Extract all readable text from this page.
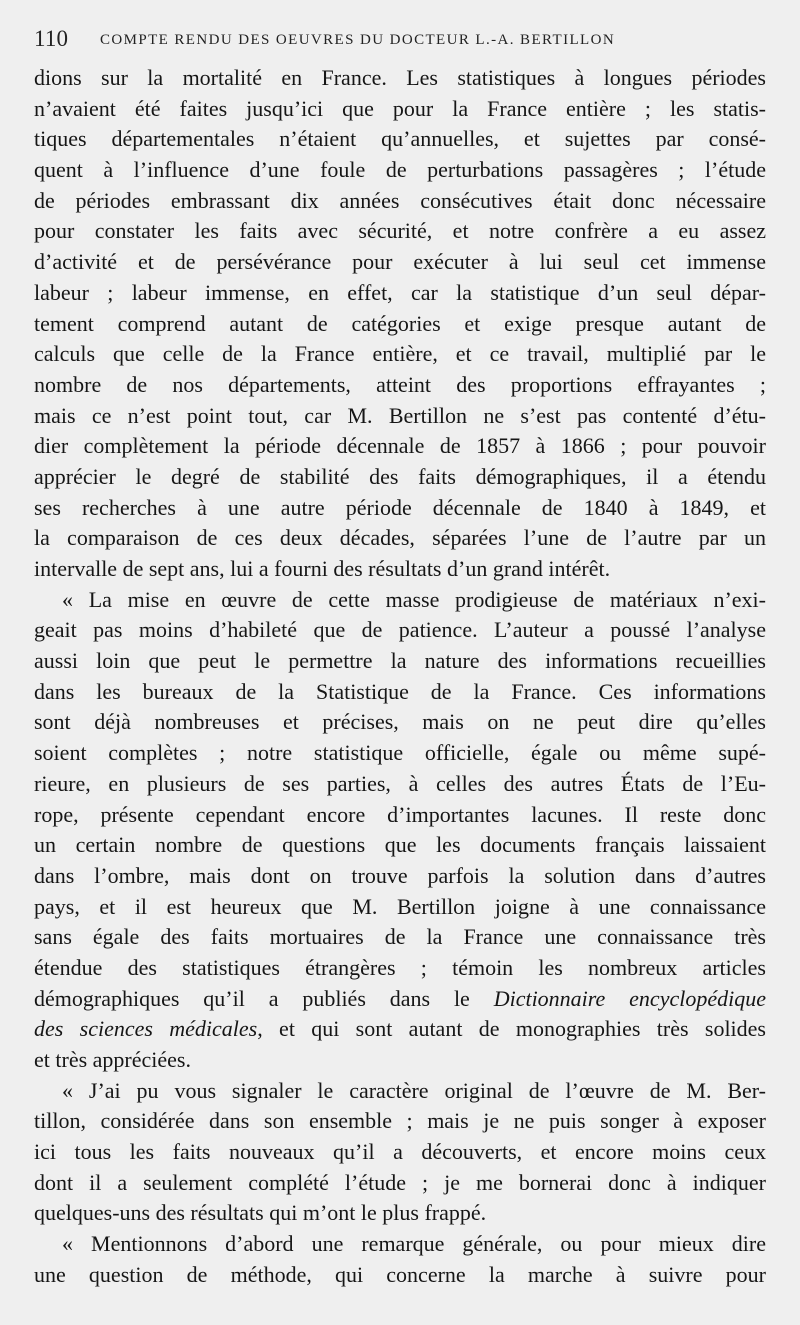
110	COMPTE RENDU DES OEUVRES DU DOCTEUR L.-A. BERTILLON
dions sur la mortalité en France. Les statistiques à longues périodes
n’avaient été faites jusqu’ici que pour la France entière ; les statis-
tiques départementales n’étaient qu’annuelles, et sujettes par consé-
quent à l’influence d’une foule de perturbations passagères ; l’étude
de périodes embrassant dix années consécutives était donc nécessaire
pour constater les faits avec sécurité, et notre confrère a eu assez
d’activité et de persévérance pour exécuter à lui seul cet immense
labeur ; labeur immense, en effet, car la statistique d’un seul dépar-
tement comprend autant de catégories et exige presque autant de
calculs que celle de la France entière, et ce travail, multiplié par le
nombre de nos départements, atteint des proportions effrayantes ;
mais ce n’est point tout, car M. Bertillon ne s’est pas contenté d’étu-
dier complètement la période décennale de 1857 à 1866 ; pour pouvoir
apprécier le degré de stabilité des faits démographiques, il a étendu
ses recherches à une autre période décennale de 1840 à 1849, et
la comparaison de ces deux décades, séparées l’une de l’autre par un
intervalle de sept ans, lui a fourni des résultats d’un grand intérêt.
« La mise en œuvre de cette masse prodigieuse de matériaux n’exi-
geait pas moins d’habileté que de patience. L’auteur a poussé l’analyse
aussi loin que peut le permettre la nature des informations recueillies
dans les bureaux de la Statistique de la France. Ces informations
sont déjà nombreuses et précises, mais on ne peut dire qu’elles
soient complètes ; notre statistique officielle, égale ou même supé-
rieure, en plusieurs de ses parties, à celles des autres États de l’Eu-
rope, présente cependant encore d’importantes lacunes. Il reste donc
un certain nombre de questions que les documents français laissaient
dans l’ombre, mais dont on trouve parfois la solution dans d’autres
pays, et il est heureux que M. Bertillon joigne à une connaissance
sans égale des faits mortuaires de la France une connaissance très
étendue des statistiques étrangères ; témoin les nombreux articles
démographiques qu’il a publiés dans le Dictionnaire encyclopédique
des sciences médicales, et qui sont autant de monographies très solides
et très appréciées.
« J’ai pu vous signaler le caractère original de l’œuvre de M. Ber-
tillon, considérée dans son ensemble ; mais je ne puis songer à exposer
ici tous les faits nouveaux qu’il a découverts, et encore moins ceux
dont il a seulement complété l’étude ; je me bornerai donc à indiquer
quelques-uns des résultats qui m’ont le plus frappé.
« Mentionnons d’abord une remarque générale, ou pour mieux dire
une question de méthode, qui concerne la marche à suivre pour
